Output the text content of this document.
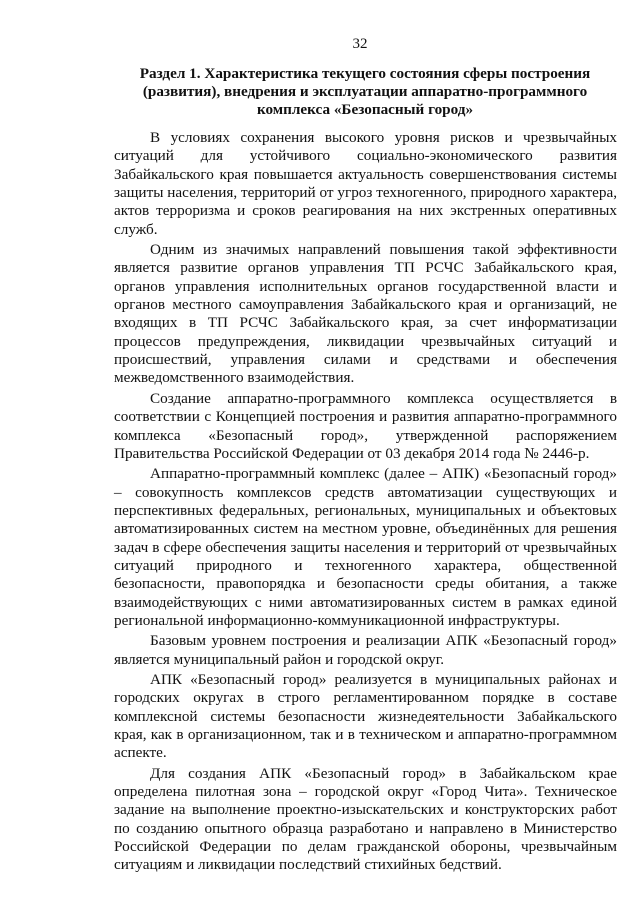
32
Раздел 1. Характеристика текущего состояния сферы построения
(развития), внедрения и эксплуатации аппаратно-программного
комплекса «Безопасный город»

В условиях сохранения высокого уровня рисков и чрезвычайных ситуаций для устойчивого социально-экономического развития Забайкальского края повышается актуальность совершенствования системы защиты населения, территорий от угроз техногенного, природного характера, актов терроризма и сроков реагирования на них экстренных оперативных служб.

Одним из значимых направлений повышения такой эффективности является развитие органов управления ТП РСЧС Забайкальского края, органов управления исполнительных органов государственной власти и органов местного самоуправления Забайкальского края и организаций, не входящих в ТП РСЧС Забайкальского края, за счет информатизации процессов предупреждения, ликвидации чрезвычайных ситуаций и происшествий, управления силами и средствами и обеспечения межведомственного взаимодействия.

Создание аппаратно-программного комплекса осуществляется в соответствии с Концепцией построения и развития аппаратно-программного комплекса «Безопасный город», утвержденной распоряжением Правительства Российской Федерации от 03 декабря 2014 года № 2446-р.

Аппаратно-программный комплекс (далее – АПК) «Безопасный город» – совокупность комплексов средств автоматизации существующих и перспективных федеральных, региональных, муниципальных и объектовых автоматизированных систем на местном уровне, объединённых для решения задач в сфере обеспечения защиты населения и территорий от чрезвычайных ситуаций природного и техногенного характера, общественной безопасности, правопорядка и безопасности среды обитания, а также взаимодействующих с ними автоматизированных систем в рамках единой региональной информационно-коммуникационной инфраструктуры.

Базовым уровнем построения и реализации АПК «Безопасный город» является муниципальный район и городской округ.

АПК «Безопасный город» реализуется в муниципальных районах и городских округах в строго регламентированном порядке в составе комплексной системы безопасности жизнедеятельности Забайкальского края, как в организационном, так и в техническом и аппаратно-программном аспекте.

Для создания АПК «Безопасный город» в Забайкальском крае определена пилотная зона – городской округ «Город Чита». Техническое задание на выполнение проектно-изыскательских и конструкторских работ по созданию опытного образца разработано и направлено в Министерство Российской Федерации по делам гражданской обороны, чрезвычайным ситуациям и ликвидации последствий стихийных бедствий.
